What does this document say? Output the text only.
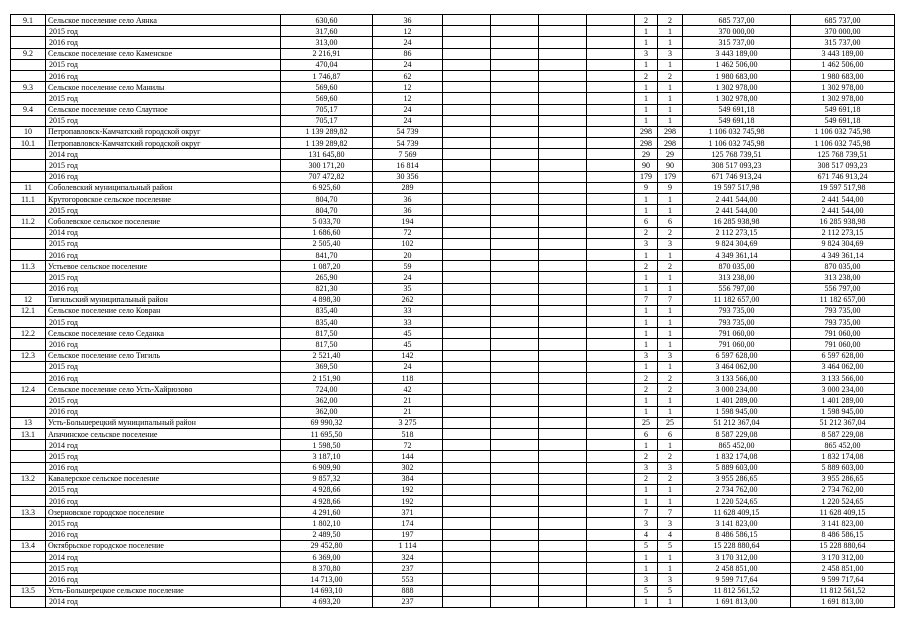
9.1	Сельское поселение село Аянка	630,60	36					2	2	685 737,00	685 737,00
	2015 год	317,60	12					1	1	370 000,00	370 000,00
	2016 год	313,00	24					1	1	315 737,00	315 737,00
9.2	Сельское поселение село Каменское	2 216,91	86					3	3	3 443 189,00	3 443 189,00
	2015 год	470,04	24					1	1	1 462 506,00	1 462 506,00
	2016 год	1 746,87	62					2	2	1 980 683,00	1 980 683,00
9.3	Сельское поселение село Манилы	569,60	12					1	1	1 302 978,00	1 302 978,00
	2015 год	569,60	12					1	1	1 302 978,00	1 302 978,00
9.4	Сельское поселение село Слаутное	705,17	24					1	1	549 691,18	549 691,18
	2015 год	705,17	24					1	1	549 691,18	549 691,18
10	Петропавловск-Камчатский городской округ	1 139 289,82	54 739					298	298	1 106 032 745,98	1 106 032 745,98
10.1	Петропавловск-Камчатский городской округ	1 139 289,82	54 739					298	298	1 106 032 745,98	1 106 032 745,98
	2014 год	131 645,80	7 569					29	29	125 768 739,51	125 768 739,51
	2015 год	300 171,20	16 814					90	90	308 517 093,23	308 517 093,23
	2016 год	707 472,82	30 356					179	179	671 746 913,24	671 746 913,24
11	Соболевский муниципальный район	6 925,60	289					9	9	19 597 517,98	19 597 517,98
11.1	Крутогоровское сельское поселение	804,70	36					1	1	2 441 544,00	2 441 544,00
	2015 год	804,70	36					1	1	2 441 544,00	2 441 544,00
11.2	Соболевское сельское поселение	5 033,70	194					6	6	16 285 938,98	16 285 938,98
	2014 год	1 686,60	72					2	2	2 112 273,15	2 112 273,15
	2015 год	2 505,40	102					3	3	9 824 304,69	9 824 304,69
	2016 год	841,70	20					1	1	4 349 361,14	4 349 361,14
11.3	Устьевое сельское поселение	1 087,20	59					2	2	870 035,00	870 035,00
	2015 год	265,90	24					1	1	313 238,00	313 238,00
	2016 год	821,30	35					1	1	556 797,00	556 797,00
12	Тигильский муниципальный район	4 898,30	262					7	7	11 182 657,00	11 182 657,00
12.1	Сельское поселение село Ковран	835,40	33					1	1	793 735,00	793 735,00
	2015 год	835,40	33					1	1	793 735,00	793 735,00
12.2	Сельское поселение село Седанка	817,50	45					1	1	791 060,00	791 060,00
	2016 год	817,50	45					1	1	791 060,00	791 060,00
12.3	Сельское поселение село Тигиль	2 521,40	142					3	3	6 597 628,00	6 597 628,00
	2015 год	369,50	24					1	1	3 464 062,00	3 464 062,00
	2016 год	2 151,90	118					2	2	3 133 566,00	3 133 566,00
12.4	Сельское поселение село Усть-Хайрюзово	724,00	42					2	2	3 000 234,00	3 000 234,00
	2015 год	362,00	21					1	1	1 401 289,00	1 401 289,00
	2016 год	362,00	21					1	1	1 598 945,00	1 598 945,00
13	Усть-Большерецкий муниципальный район	69 990,32	3 275					25	25	51 212 367,04	51 212 367,04
13.1	Апачинское сельское поселение	11 695,50	518					6	6	8 587 229,08	8 587 229,08
	2014 год	1 598,50	72					1	1	865 452,00	865 452,00
	2015 год	3 187,10	144					2	2	1 832 174,08	1 832 174,08
	2016 год	6 909,90	302					3	3	5 889 603,00	5 889 603,00
13.2	Кавалерское сельское поселение	9 857,32	384					2	2	3 955 286,65	3 955 286,65
	2015 год	4 928,66	192					1	1	2 734 762,00	2 734 762,00
	2016 год	4 928,66	192					1	1	1 220 524,65	1 220 524,65
13.3	Озерновское городское поселение	4 291,60	371					7	7	11 628 409,15	11 628 409,15
	2015 год	1 802,10	174					3	3	3 141 823,00	3 141 823,00
	2016 год	2 489,50	197					4	4	8 486 586,15	8 486 586,15
13.4	Октябрьское городское поселение	29 452,80	1 114					5	5	15 228 880,64	15 228 880,64
	2014 год	6 369,00	324					1	1	3 170 312,00	3 170 312,00
	2015 год	8 370,80	237					1	1	2 458 851,00	2 458 851,00
	2016 год	14 713,00	553					3	3	9 599 717,64	9 599 717,64
13.5	Усть-Большерецкое сельское поселение	14 693,10	888					5	5	11 812 561,52	11 812 561,52
	2014 год	4 693,20	237					1	1	1 691 813,00	1 691 813,00
